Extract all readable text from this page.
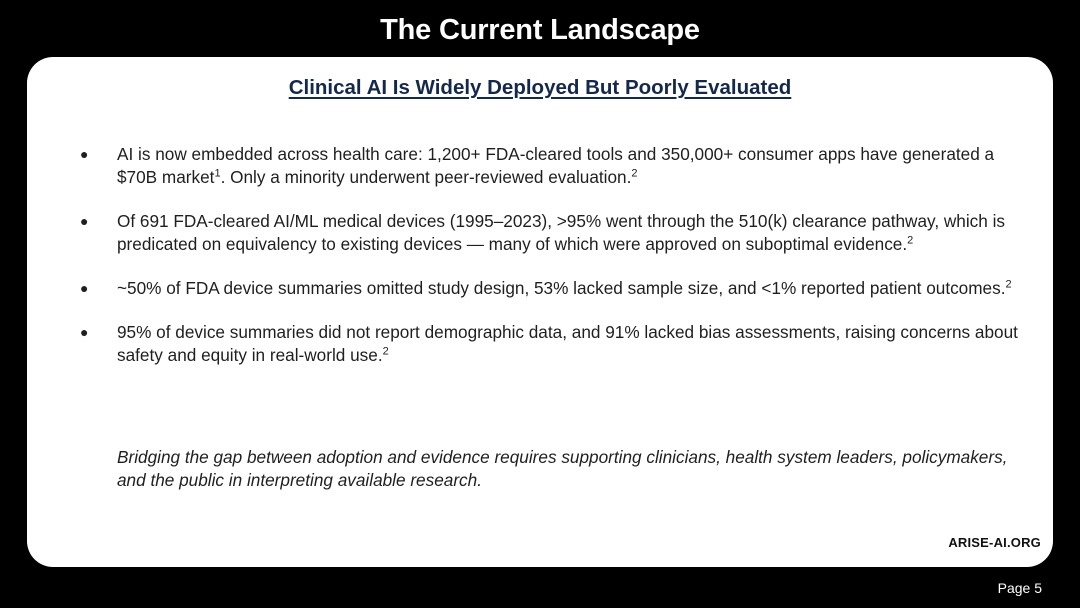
The Current Landscape
Clinical AI Is Widely Deployed But Poorly Evaluated
● AI is now embedded across health care: 1,200+ FDA-cleared tools and 350,000+ consumer apps have generated a $70B market$^1$. Only a minority underwent peer-reviewed evaluation.$^2$
● Of 691 FDA-cleared AI/ML medical devices (1995–2023), >95% went through the 510(k) clearance pathway, which is predicated on equivalency to existing devices — many of which were approved on suboptimal evidence.$^2$
● ~50% of FDA device summaries omitted study design, 53% lacked sample size, and <1% reported patient outcomes.$^2$
● 95% of device summaries did not report demographic data, and 91% lacked bias assessments, raising concerns about safety and equity in real-world use.$^2$
Bridging the gap between adoption and evidence requires supporting clinicians, health system leaders, policymakers, and the public in interpreting available research.
ARISE-AI.ORG
Page 5
